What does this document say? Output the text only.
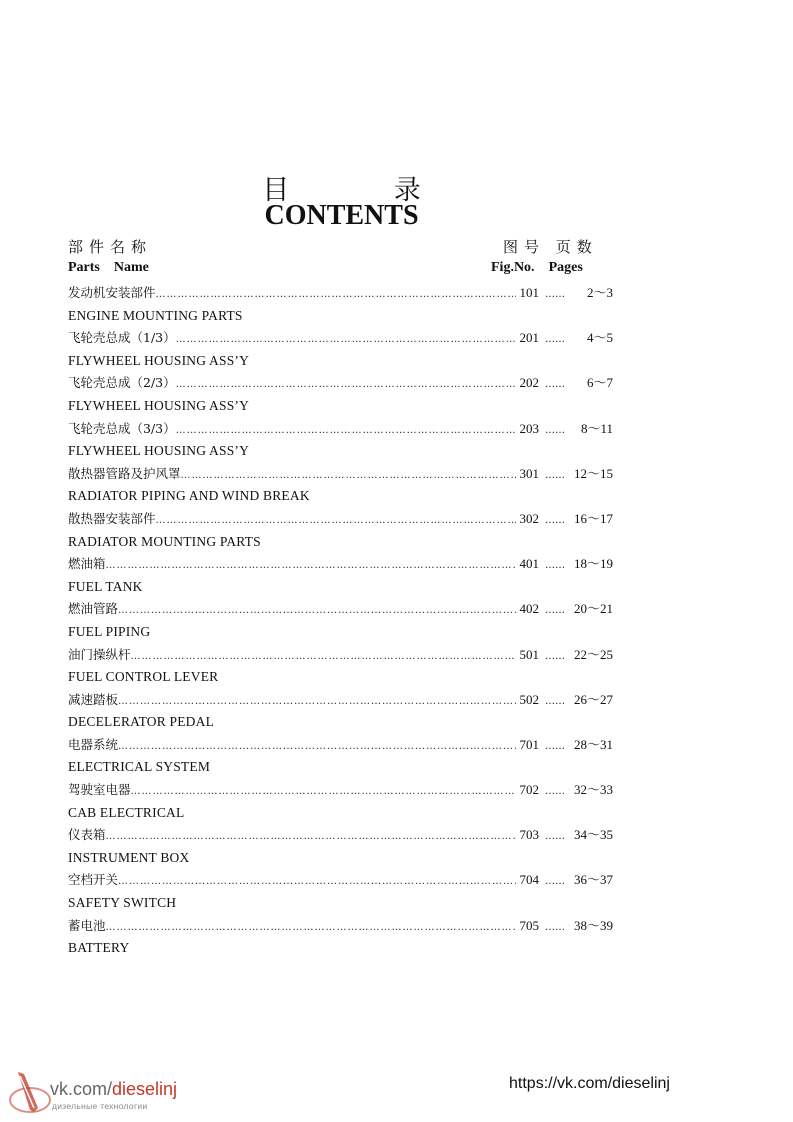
目 录
CONTENTS
部件名称	图号 页数
Parts Name	Fig.No. Pages
发动机安装部件 …………………………………………………………………………………………………………………………………………………………………………	101 ……	2～3
ENGINE MOUNTING PARTS
飞轮壳总成（1/3） …………………………………………………………………………………………………………………………………………………………………………	201 ……	4～5
FLYWHEEL HOUSING ASS’Y
飞轮壳总成（2/3） …………………………………………………………………………………………………………………………………………………………………………	202 ……	6～7
FLYWHEEL HOUSING ASS’Y
飞轮壳总成（3/3） …………………………………………………………………………………………………………………………………………………………………………	203 ……	8～11
FLYWHEEL HOUSING ASS’Y
散热器管路及护风罩 …………………………………………………………………………………………………………………………………………………………………………	301 …… 12～15
RADIATOR PIPING AND WIND BREAK
散热器安装部件 …………………………………………………………………………………………………………………………………………………………………………	302 …… 16～17
RADIATOR MOUNTING PARTS
燃油箱 …………………………………………………………………………………………………………………………………………………………………………	401 …… 18～19
FUEL TANK
燃油管路 …………………………………………………………………………………………………………………………………………………………………………	402 …… 20～21
FUEL PIPING
油门操纵杆 …………………………………………………………………………………………………………………………………………………………………………	501 …… 22～25
FUEL CONTROL LEVER
减速踏板 …………………………………………………………………………………………………………………………………………………………………………	502 …… 26～27
DECELERATOR PEDAL
电器系统 …………………………………………………………………………………………………………………………………………………………………………	701 …… 28～31
ELECTRICAL SYSTEM
驾驶室电器 …………………………………………………………………………………………………………………………………………………………………………	702 …… 32～33
CAB ELECTRICAL
仪表箱 …………………………………………………………………………………………………………………………………………………………………………	703 …… 34～35
INSTRUMENT BOX
空档开关 …………………………………………………………………………………………………………………………………………………………………………	704 …… 36～37
SAFETY SWITCH
蓄电池 …………………………………………………………………………………………………………………………………………………………………………	705 …… 38～39
BATTERY
vk.com/dieselinj
дизельные технологии
https://vk.com/dieselinj
